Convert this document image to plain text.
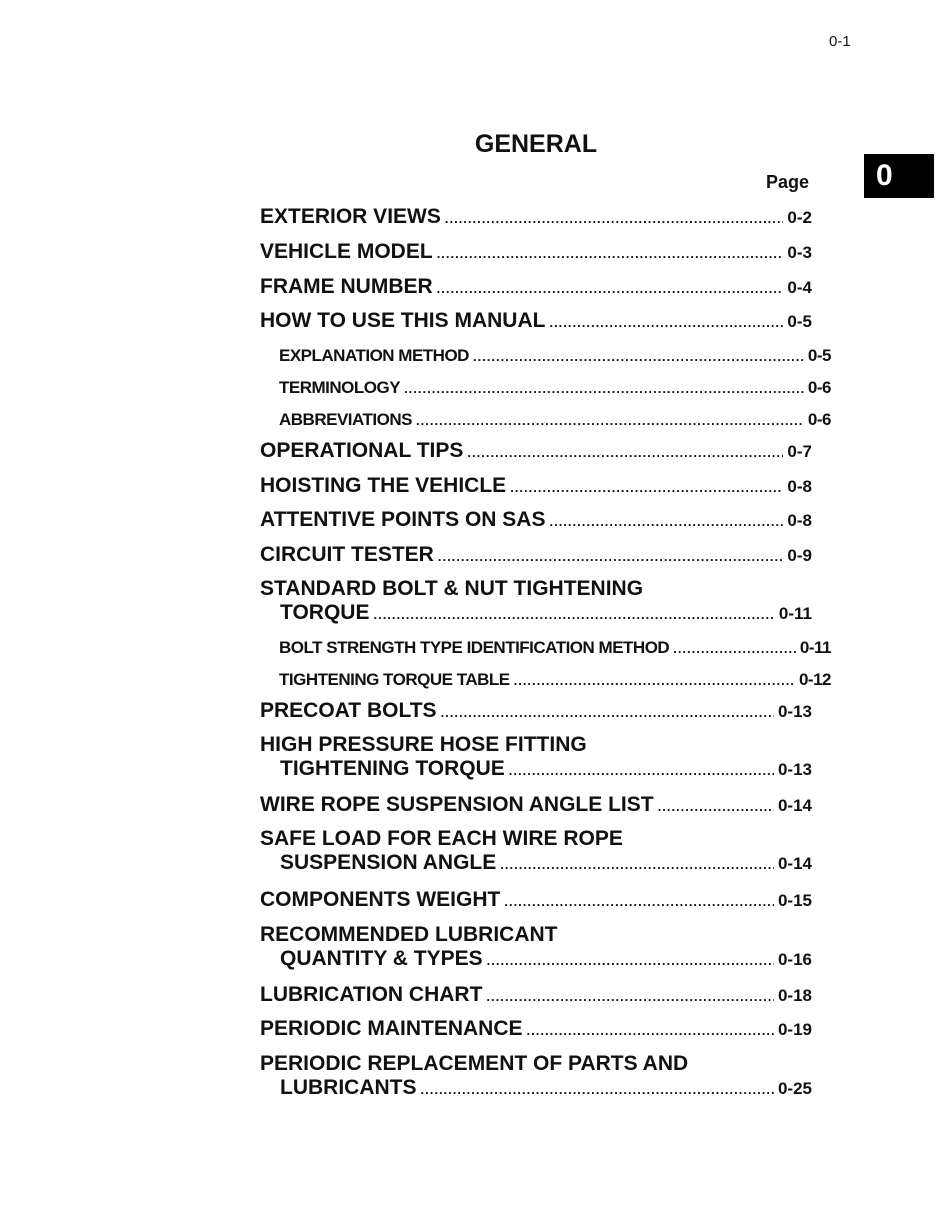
0-1
GENERAL
0
Page
EXTERIOR VIEWS .....	0-2
VEHICLE MODEL .....	0-3
FRAME NUMBER .....	0-4
HOW TO USE THIS MANUAL .....	0-5
EXPLANATION METHOD .....	0-5
TERMINOLOGY .....	0-6
ABBREVIATIONS .....	0-6
OPERATIONAL TIPS .....	0-7
HOISTING THE VEHICLE .....	0-8
ATTENTIVE POINTS ON SAS .....	0-8
CIRCUIT TESTER .....	0-9
STANDARD BOLT & NUT TIGHTENING
TORQUE .....	0-11
BOLT STRENGTH TYPE IDENTIFICATION METHOD .....	0-11
TIGHTENING TORQUE TABLE .....	0-12
PRECOAT BOLTS .....	0-13
HIGH PRESSURE HOSE FITTING
TIGHTENING TORQUE .....	0-13
WIRE ROPE SUSPENSION ANGLE LIST .....	0-14
SAFE LOAD FOR EACH WIRE ROPE
SUSPENSION ANGLE .....	0-14
COMPONENTS WEIGHT .....	0-15
RECOMMENDED LUBRICANT
QUANTITY & TYPES .....	0-16
LUBRICATION CHART .....	0-18
PERIODIC MAINTENANCE .....	0-19
PERIODIC REPLACEMENT OF PARTS AND
LUBRICANTS .....	0-25
